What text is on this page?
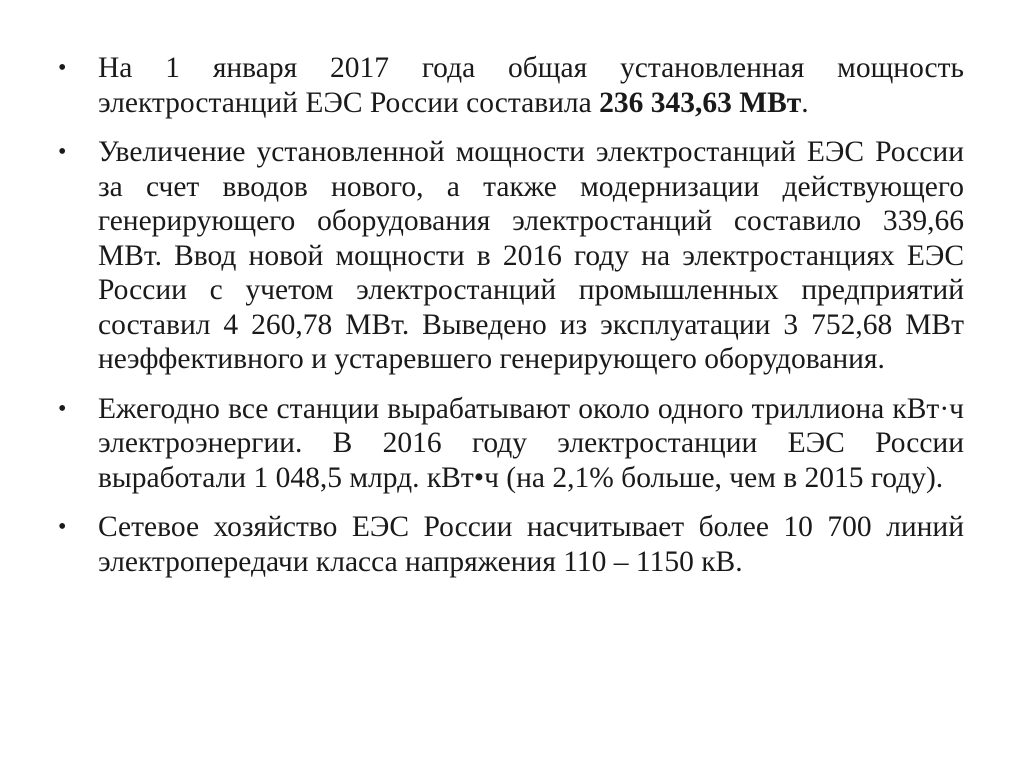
• На 1 января 2017 года общая установленная мощность электростанций ЕЭС России составила 236 343,63 МВт.
• Увеличение установленной мощности электростанций ЕЭС России за счет вводов нового, а также модернизации действующего генерирующего оборудования электростанций составило 339,66 МВт. Ввод новой мощности в 2016 году на электростанциях ЕЭС России с учетом электростанций промышленных предприятий составил 4 260,78 МВт. Выведено из эксплуатации 3 752,68 МВт неэффективного и устаревшего генерирующего оборудования.
• Ежегодно все станции вырабатывают около одного триллиона кВт·ч электроэнергии. В 2016 году электростанции ЕЭС России выработали 1 048,5 млрд. кВт•ч (на 2,1% больше, чем в 2015 году).
• Сетевое хозяйство ЕЭС России насчитывает более 10 700 линий электропередачи класса напряжения 110 – 1150 кВ.
